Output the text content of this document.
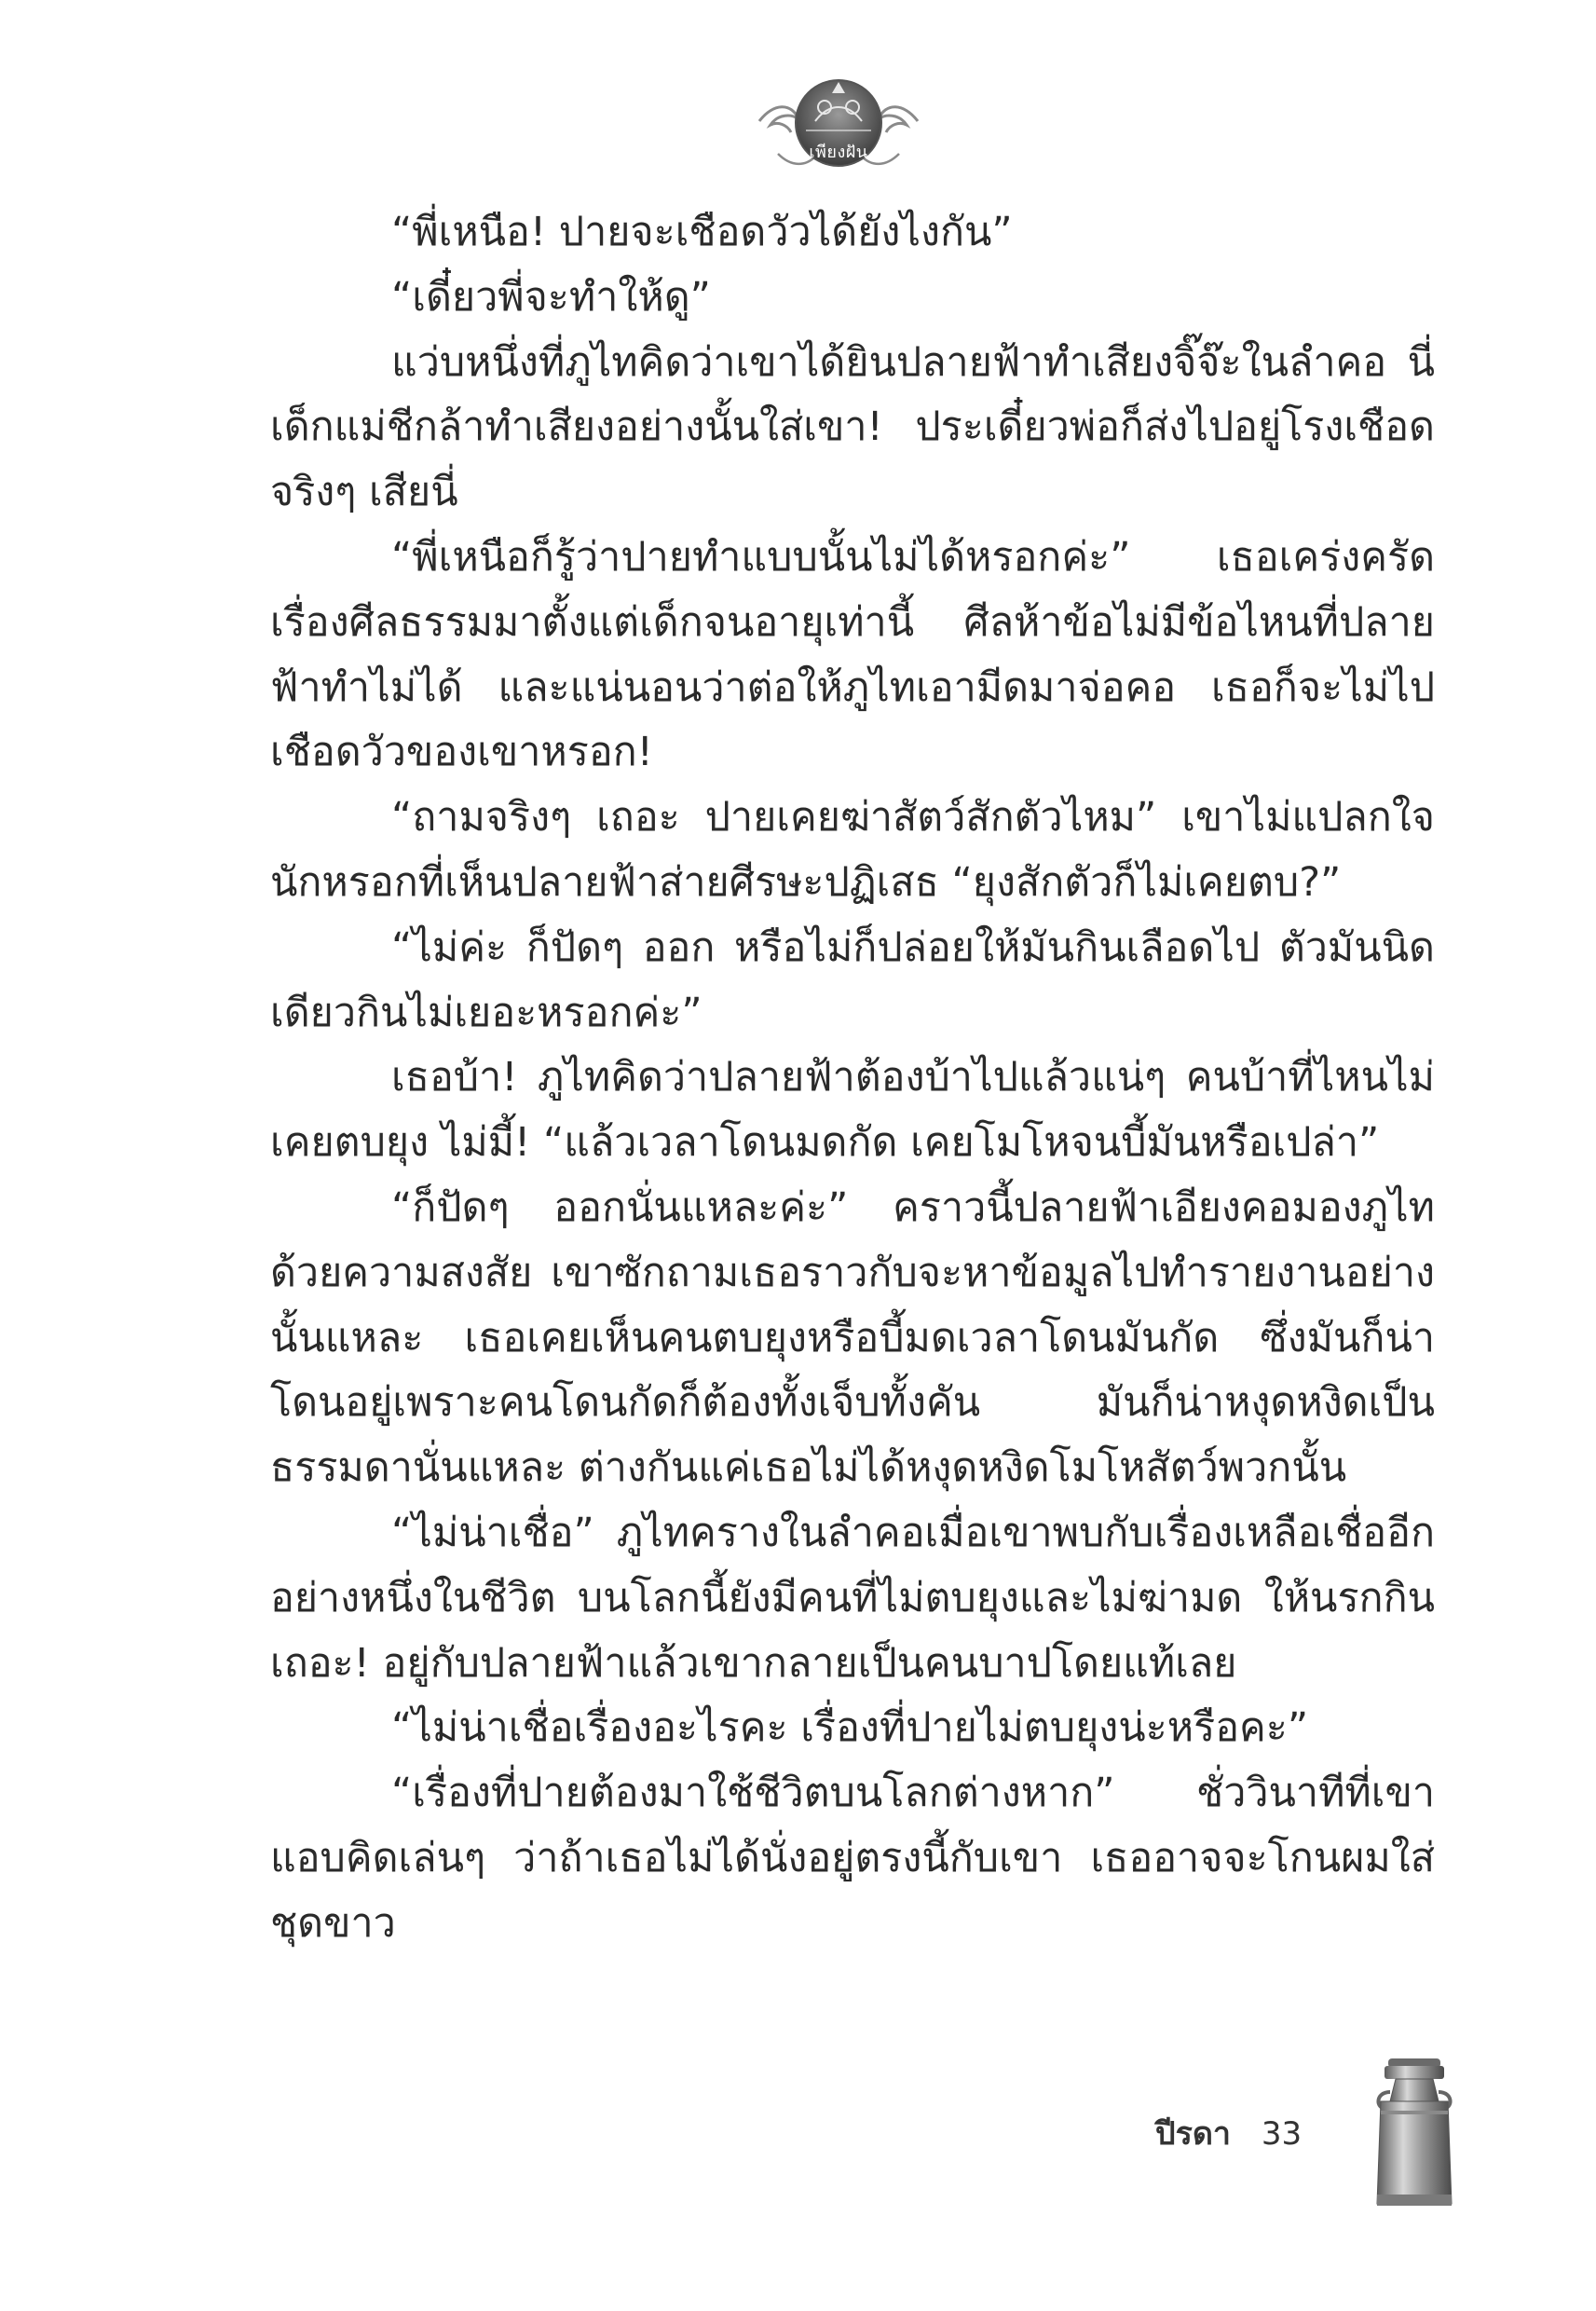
เพียงฝัน

“พี่เหนือ! ปายจะเชือดวัวได้ยังไงกัน”

“เดี๋ยวพี่จะทำให้ดู”

แว่บหนึ่งที่ภูไทคิดว่าเขาได้ยินปลายฟ้าทำเสียงจิ๊จ๊ะในลำคอ นี่เด็กแม่ชีกล้าทำเสียงอย่างนั้นใส่เขา! ประเดี๋ยวพ่อก็ส่งไปอยู่โรงเชือดจริงๆ เสียนี่

“พี่เหนือก็รู้ว่าปายทำแบบนั้นไม่ได้หรอกค่ะ” เธอเคร่งครัดเรื่องศีลธรรมมาตั้งแต่เด็กจนอายุเท่านี้ ศีลห้าข้อไม่มีข้อไหนที่ปลายฟ้าทำไม่ได้ และแน่นอนว่าต่อให้ภูไทเอามีดมาจ่อคอ เธอก็จะไม่ไปเชือดวัวของเขาหรอก!

“ถามจริงๆ เถอะ ปายเคยฆ่าสัตว์สักตัวไหม” เขาไม่แปลกใจนักหรอกที่เห็นปลายฟ้าส่ายศีรษะปฏิเสธ “ยุงสักตัวก็ไม่เคยตบ?”

“ไม่ค่ะ ก็ปัดๆ ออก หรือไม่ก็ปล่อยให้มันกินเลือดไป ตัวมันนิดเดียวกินไม่เยอะหรอกค่ะ”

เธอบ้า! ภูไทคิดว่าปลายฟ้าต้องบ้าไปแล้วแน่ๆ คนบ้าที่ไหนไม่เคยตบยุง ไม่มี้! “แล้วเวลาโดนมดกัด เคยโมโหจนบี้มันหรือเปล่า”

“ก็ปัดๆ ออกนั่นแหละค่ะ” คราวนี้ปลายฟ้าเอียงคอมองภูไทด้วยความสงสัย เขาซักถามเธอราวกับจะหาข้อมูลไปทำรายงานอย่างนั้นแหละ เธอเคยเห็นคนตบยุงหรือบี้มดเวลาโดนมันกัด ซึ่งมันก็น่าโดนอยู่เพราะคนโดนกัดก็ต้องทั้งเจ็บทั้งคัน มันก็น่าหงุดหงิดเป็นธรรมดานั่นแหละ ต่างกันแค่เธอไม่ได้หงุดหงิดโมโหสัตว์พวกนั้น

“ไม่น่าเชื่อ” ภูไทครางในลำคอเมื่อเขาพบกับเรื่องเหลือเชื่ออีกอย่างหนึ่งในชีวิต บนโลกนี้ยังมีคนที่ไม่ตบยุงและไม่ฆ่ามด ให้นรกกินเถอะ! อยู่กับปลายฟ้าแล้วเขากลายเป็นคนบาปโดยแท้เลย

“ไม่น่าเชื่อเรื่องอะไรคะ เรื่องที่ปายไม่ตบยุงน่ะหรือคะ”

“เรื่องที่ปายต้องมาใช้ชีวิตบนโลกต่างหาก” ชั่ววินาทีที่เขาแอบคิดเล่นๆ ว่าถ้าเธอไม่ได้นั่งอยู่ตรงนี้กับเขา เธออาจจะโกนผมใส่ชุดขาว

ปีรดา 33
